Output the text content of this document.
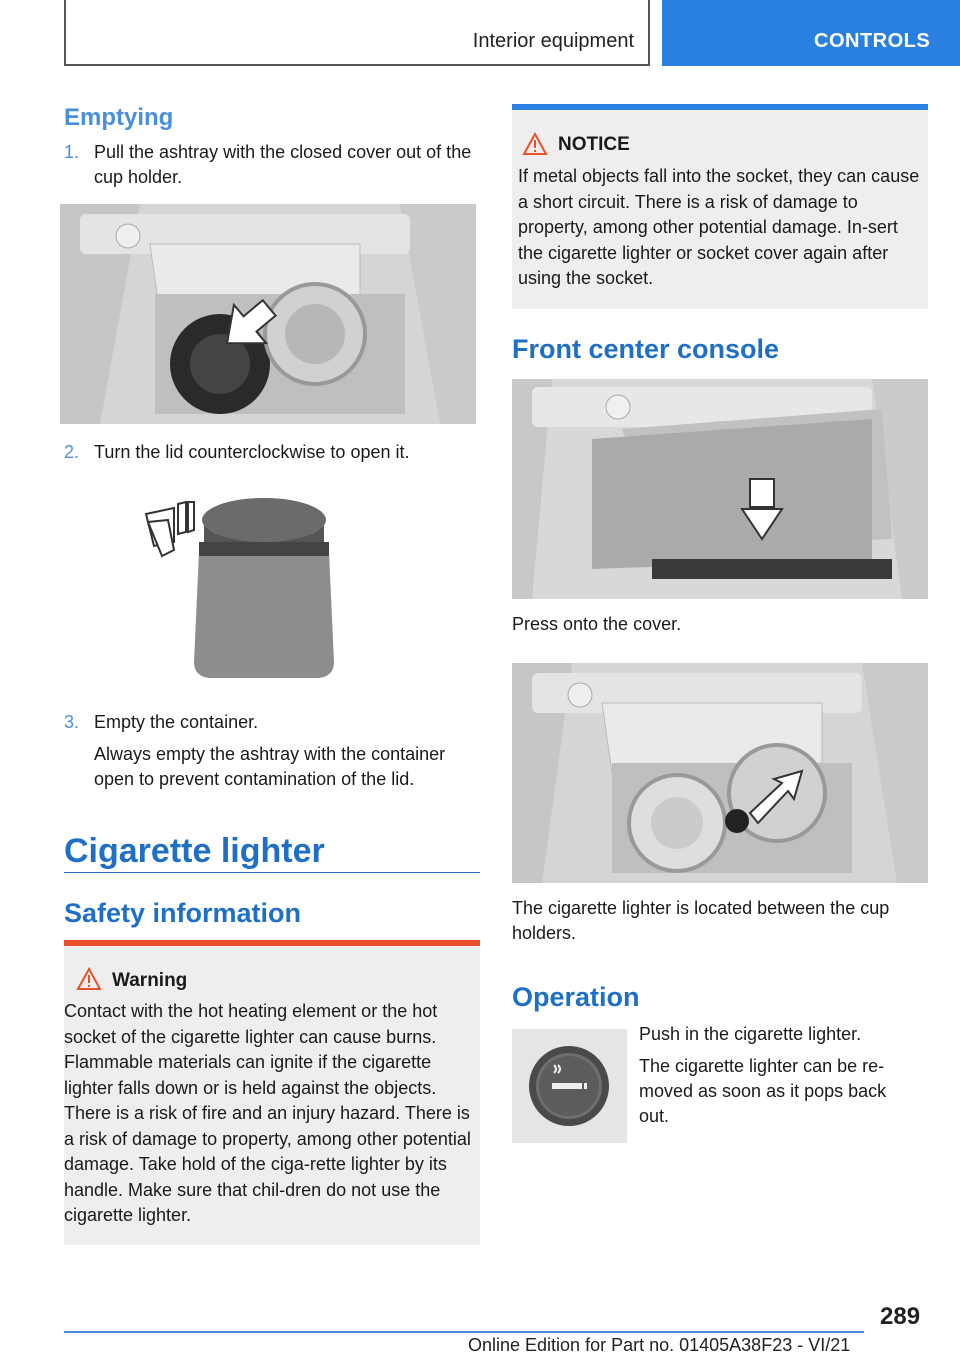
Interior equipment	CONTROLS
Emptying
1. Pull the ashtray with the closed cover out of the cup holder.
2. Turn the lid counterclockwise to open it.
3. Empty the container.
Always empty the ashtray with the container open to prevent contamination of the lid.
Cigarette lighter
Safety information
Warning
Contact with the hot heating element or the hot socket of the cigarette lighter can cause burns. Flammable materials can ignite if the cigarette lighter falls down or is held against the objects. There is a risk of fire and an injury hazard. There is a risk of damage to property, among other potential damage. Take hold of the ciga-rette lighter by its handle. Make sure that chil-dren do not use the cigarette lighter.
NOTICE
If metal objects fall into the socket, they can cause a short circuit. There is a risk of damage to property, among other potential damage. In-sert the cigarette lighter or socket cover again after using the socket.
Front center console
Press onto the cover.
The cigarette lighter is located between the cup holders.
Operation
Push in the cigarette lighter.
The cigarette lighter can be re-moved as soon as it pops back out.
289
Online Edition for Part no. 01405A38F23 - VI/21
